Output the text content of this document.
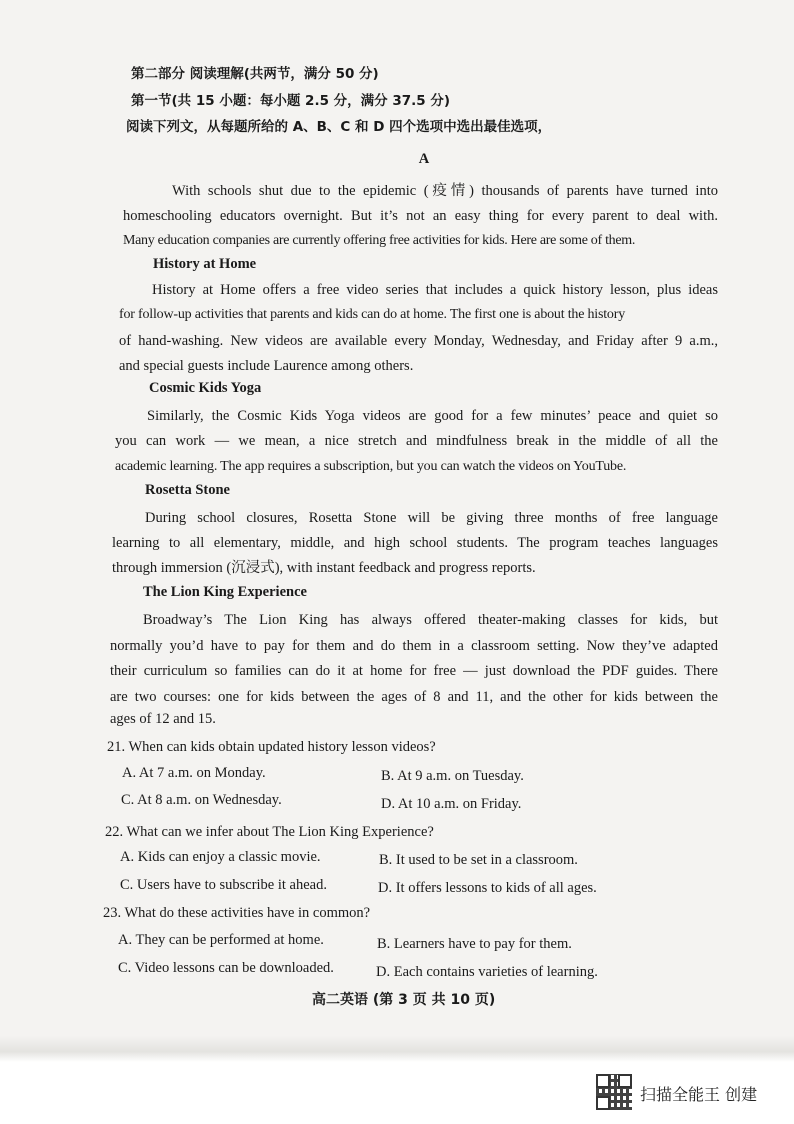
第二部分 阅读理解(共两节，满分 50 分)
第一节(共 15 小题：每小题 2.5 分，满分 37.5 分)
阅读下列文，从每题所给的 A、B、C 和 D 四个选项中选出最佳选项，
A
With schools shut due to the epidemic (疫情) thousands of parents have turned into
homeschooling educators overnight. But it’s not an easy thing for every parent to deal with.
Many education companies are currently offering free activities for kids. Here are some of them.
History at Home
History at Home offers a free video series that includes a quick history lesson, plus ideas
for follow-up activities that parents and kids can do at home. The first one is about the history
of hand-washing. New videos are available every Monday, Wednesday, and Friday after 9 a.m.,
and special guests include Laurence among others.
Cosmic Kids Yoga
Similarly, the Cosmic Kids Yoga videos are good for a few minutes’ peace and quiet so
you can work — we mean, a nice stretch and mindfulness break in the middle of all the
academic learning. The app requires a subscription, but you can watch the videos on YouTube.
Rosetta Stone
During school closures, Rosetta Stone will be giving three months of free language
learning to all elementary, middle, and high school students. The program teaches languages
through immersion (沉浸式), with instant feedback and progress reports.
The Lion King Experience
Broadway’s The Lion King has always offered theater-making classes for kids, but
normally you’d have to pay for them and do them in a classroom setting. Now they’ve adapted
their curriculum so families can do it at home for free — just download the PDF guides. There
are two courses: one for kids between the ages of 8 and 11, and the other for kids between the
ages of 12 and 15.
21. When can kids obtain updated history lesson videos?
A. At 7 a.m. on Monday.	B. At 9 a.m. on Tuesday.
C. At 8 a.m. on Wednesday.	D. At 10 a.m. on Friday.
22. What can we infer about The Lion King Experience?
A. Kids can enjoy a classic movie.	B. It used to be set in a classroom.
C. Users have to subscribe it ahead.	D. It offers lessons to kids of all ages.
23. What do these activities have in common?
A. They can be performed at home.	B. Learners have to pay for them.
C. Video lessons can be downloaded.	D. Each contains varieties of learning.
高二英语 (第 3 页 共 10 页)
扫描全能王 创建
